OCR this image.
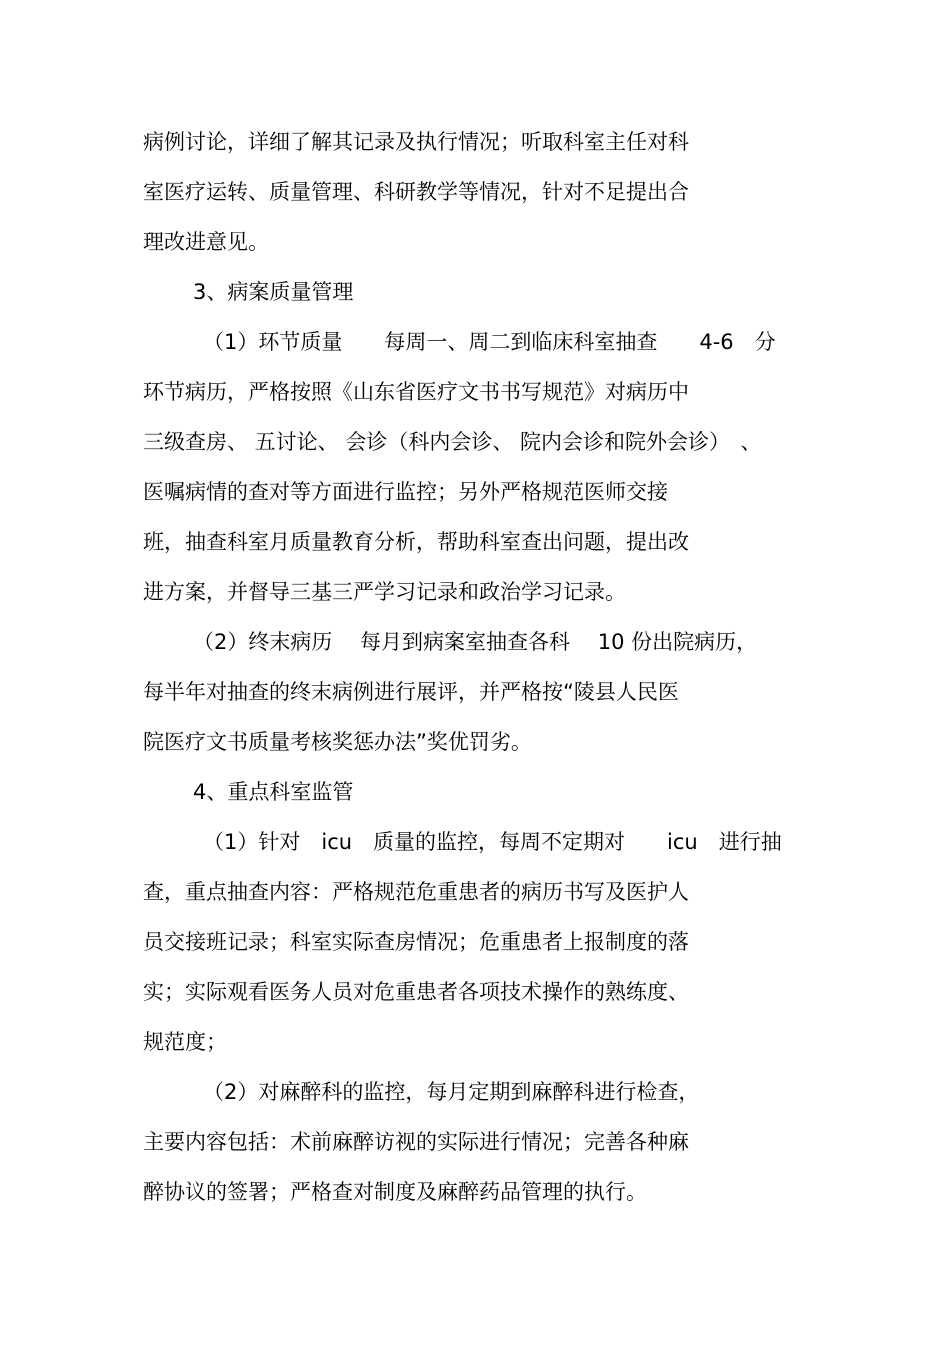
病例讨论，详细了解其记录及执行情况；听取科室主任对科
室医疗运转、质量管理、科研教学等情况，针对不足提出合
理改进意见。
3、病案质量管理
（1）环节质量　　每周一、周二到临床科室抽查　　4-6　分
环节病历，严格按照《山东省医疗文书书写规范》对病历中
三级查房、 五讨论、 会诊（科内会诊、 院内会诊和院外会诊）　、
医嘱病情的查对等方面进行监控；另外严格规范医师交接
班，抽查科室月质量教育分析，帮助科室查出问题，提出改
进方案，并督导三基三严学习记录和政治学习记录。
（2）终末病历　 每月到病案室抽查各科　 10 份出院病历，
每半年对抽查的终末病例进行展评，并严格按“陵县人民医
院医疗文书质量考核奖惩办法”奖优罚劣。
4、重点科室监管
（1）针对　icu　质量的监控，每周不定期对　　icu　进行抽
查，重点抽查内容：严格规范危重患者的病历书写及医护人
员交接班记录；科室实际查房情况；危重患者上报制度的落
实；实际观看医务人员对危重患者各项技术操作的熟练度、
规范度；
（2）对麻醉科的监控，每月定期到麻醉科进行检查，
主要内容包括：术前麻醉访视的实际进行情况；完善各种麻
醉协议的签署；严格查对制度及麻醉药品管理的执行。
